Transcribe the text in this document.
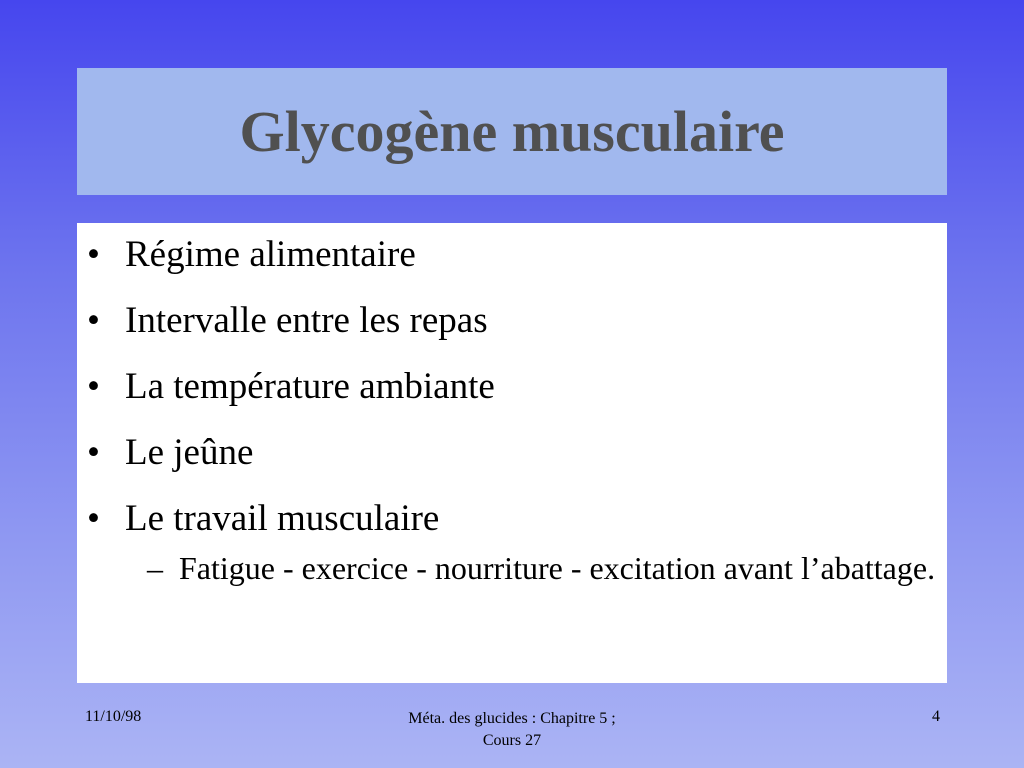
Glycogène musculaire
• Régime alimentaire
• Intervalle entre les repas
• La température ambiante
• Le jeûne
• Le travail musculaire
– Fatigue - exercice - nourriture - excitation avant l’abattage.
11/10/98	Méta. des glucides : Chapitre 5 ;
Cours 27
4
